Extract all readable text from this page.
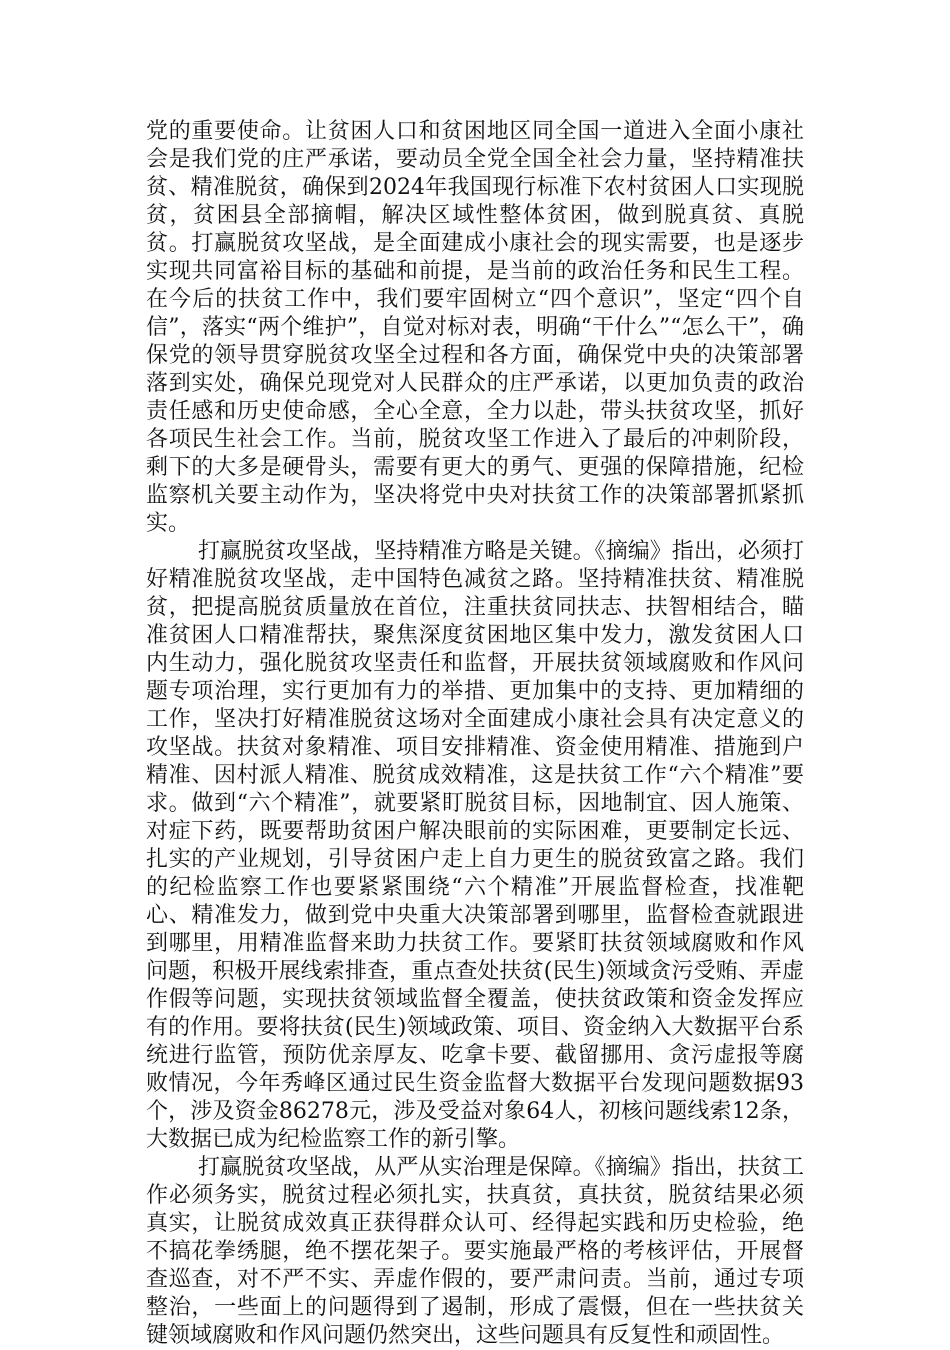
党的重要使命。让贫困人口和贫困地区同全国一道进入全面小康社会是我们党的庄严承诺，要动员全党全国全社会力量，坚持精准扶贫、精准脱贫，确保到2024年我国现行标准下农村贫困人口实现脱贫，贫困县全部摘帽，解决区域性整体贫困，做到脱真贫、真脱贫。打赢脱贫攻坚战，是全面建成小康社会的现实需要，也是逐步实现共同富裕目标的基础和前提，是当前的政治任务和民生工程。在今后的扶贫工作中，我们要牢固树立“四个意识”，坚定“四个自信”，落实“两个维护”，自觉对标对表，明确“干什么”“怎么干”，确保党的领导贯穿脱贫攻坚全过程和各方面，确保党中央的决策部署落到实处，确保兑现党对人民群众的庄严承诺，以更加负责的政治责任感和历史使命感，全心全意，全力以赴，带头扶贫攻坚，抓好各项民生社会工作。当前，脱贫攻坚工作进入了最后的冲刺阶段，剩下的大多是硬骨头，需要有更大的勇气、更强的保障措施，纪检监察机关要主动作为，坚决将党中央对扶贫工作的决策部署抓紧抓实。

打赢脱贫攻坚战，坚持精准方略是关键。《摘编》指出，必须打好精准脱贫攻坚战，走中国特色减贫之路。坚持精准扶贫、精准脱贫，把提高脱贫质量放在首位，注重扶贫同扶志、扶智相结合，瞄准贫困人口精准帮扶，聚焦深度贫困地区集中发力，激发贫困人口内生动力，强化脱贫攻坚责任和监督，开展扶贫领域腐败和作风问题专项治理，实行更加有力的举措、更加集中的支持、更加精细的工作，坚决打好精准脱贫这场对全面建成小康社会具有决定意义的攻坚战。扶贫对象精准、项目安排精准、资金使用精准、措施到户精准、因村派人精准、脱贫成效精准，这是扶贫工作“六个精准”要求。做到“六个精准”，就要紧盯脱贫目标，因地制宜、因人施策、对症下药，既要帮助贫困户解决眼前的实际困难，更要制定长远、扎实的产业规划，引导贫困户走上自力更生的脱贫致富之路。我们的纪检监察工作也要紧紧围绕“六个精准”开展监督检查，找准靶心、精准发力，做到党中央重大决策部署到哪里，监督检查就跟进到哪里，用精准监督来助力扶贫工作。要紧盯扶贫领域腐败和作风问题，积极开展线索排查，重点查处扶贫(民生)领域贪污受贿、弄虚作假等问题，实现扶贫领域监督全覆盖，使扶贫政策和资金发挥应有的作用。要将扶贫(民生)领域政策、项目、资金纳入大数据平台系统进行监管，预防优亲厚友、吃拿卡要、截留挪用、贪污虚报等腐败情况，今年秀峰区通过民生资金监督大数据平台发现问题数据93个，涉及资金86278元，涉及受益对象64人，初核问题线索12条，大数据已成为纪检监察工作的新引擎。

打赢脱贫攻坚战，从严从实治理是保障。《摘编》指出，扶贫工作必须务实，脱贫过程必须扎实，扶真贫，真扶贫，脱贫结果必须真实，让脱贫成效真正获得群众认可、经得起实践和历史检验，绝不搞花拳绣腿，绝不摆花架子。要实施最严格的考核评估，开展督查巡查，对不严不实、弄虚作假的，要严肃问责。当前，通过专项整治，一些面上的问题得到了遏制，形成了震慑，但在一些扶贫关键领域腐败和作风问题仍然突出，这些问题具有反复性和顽固性。
